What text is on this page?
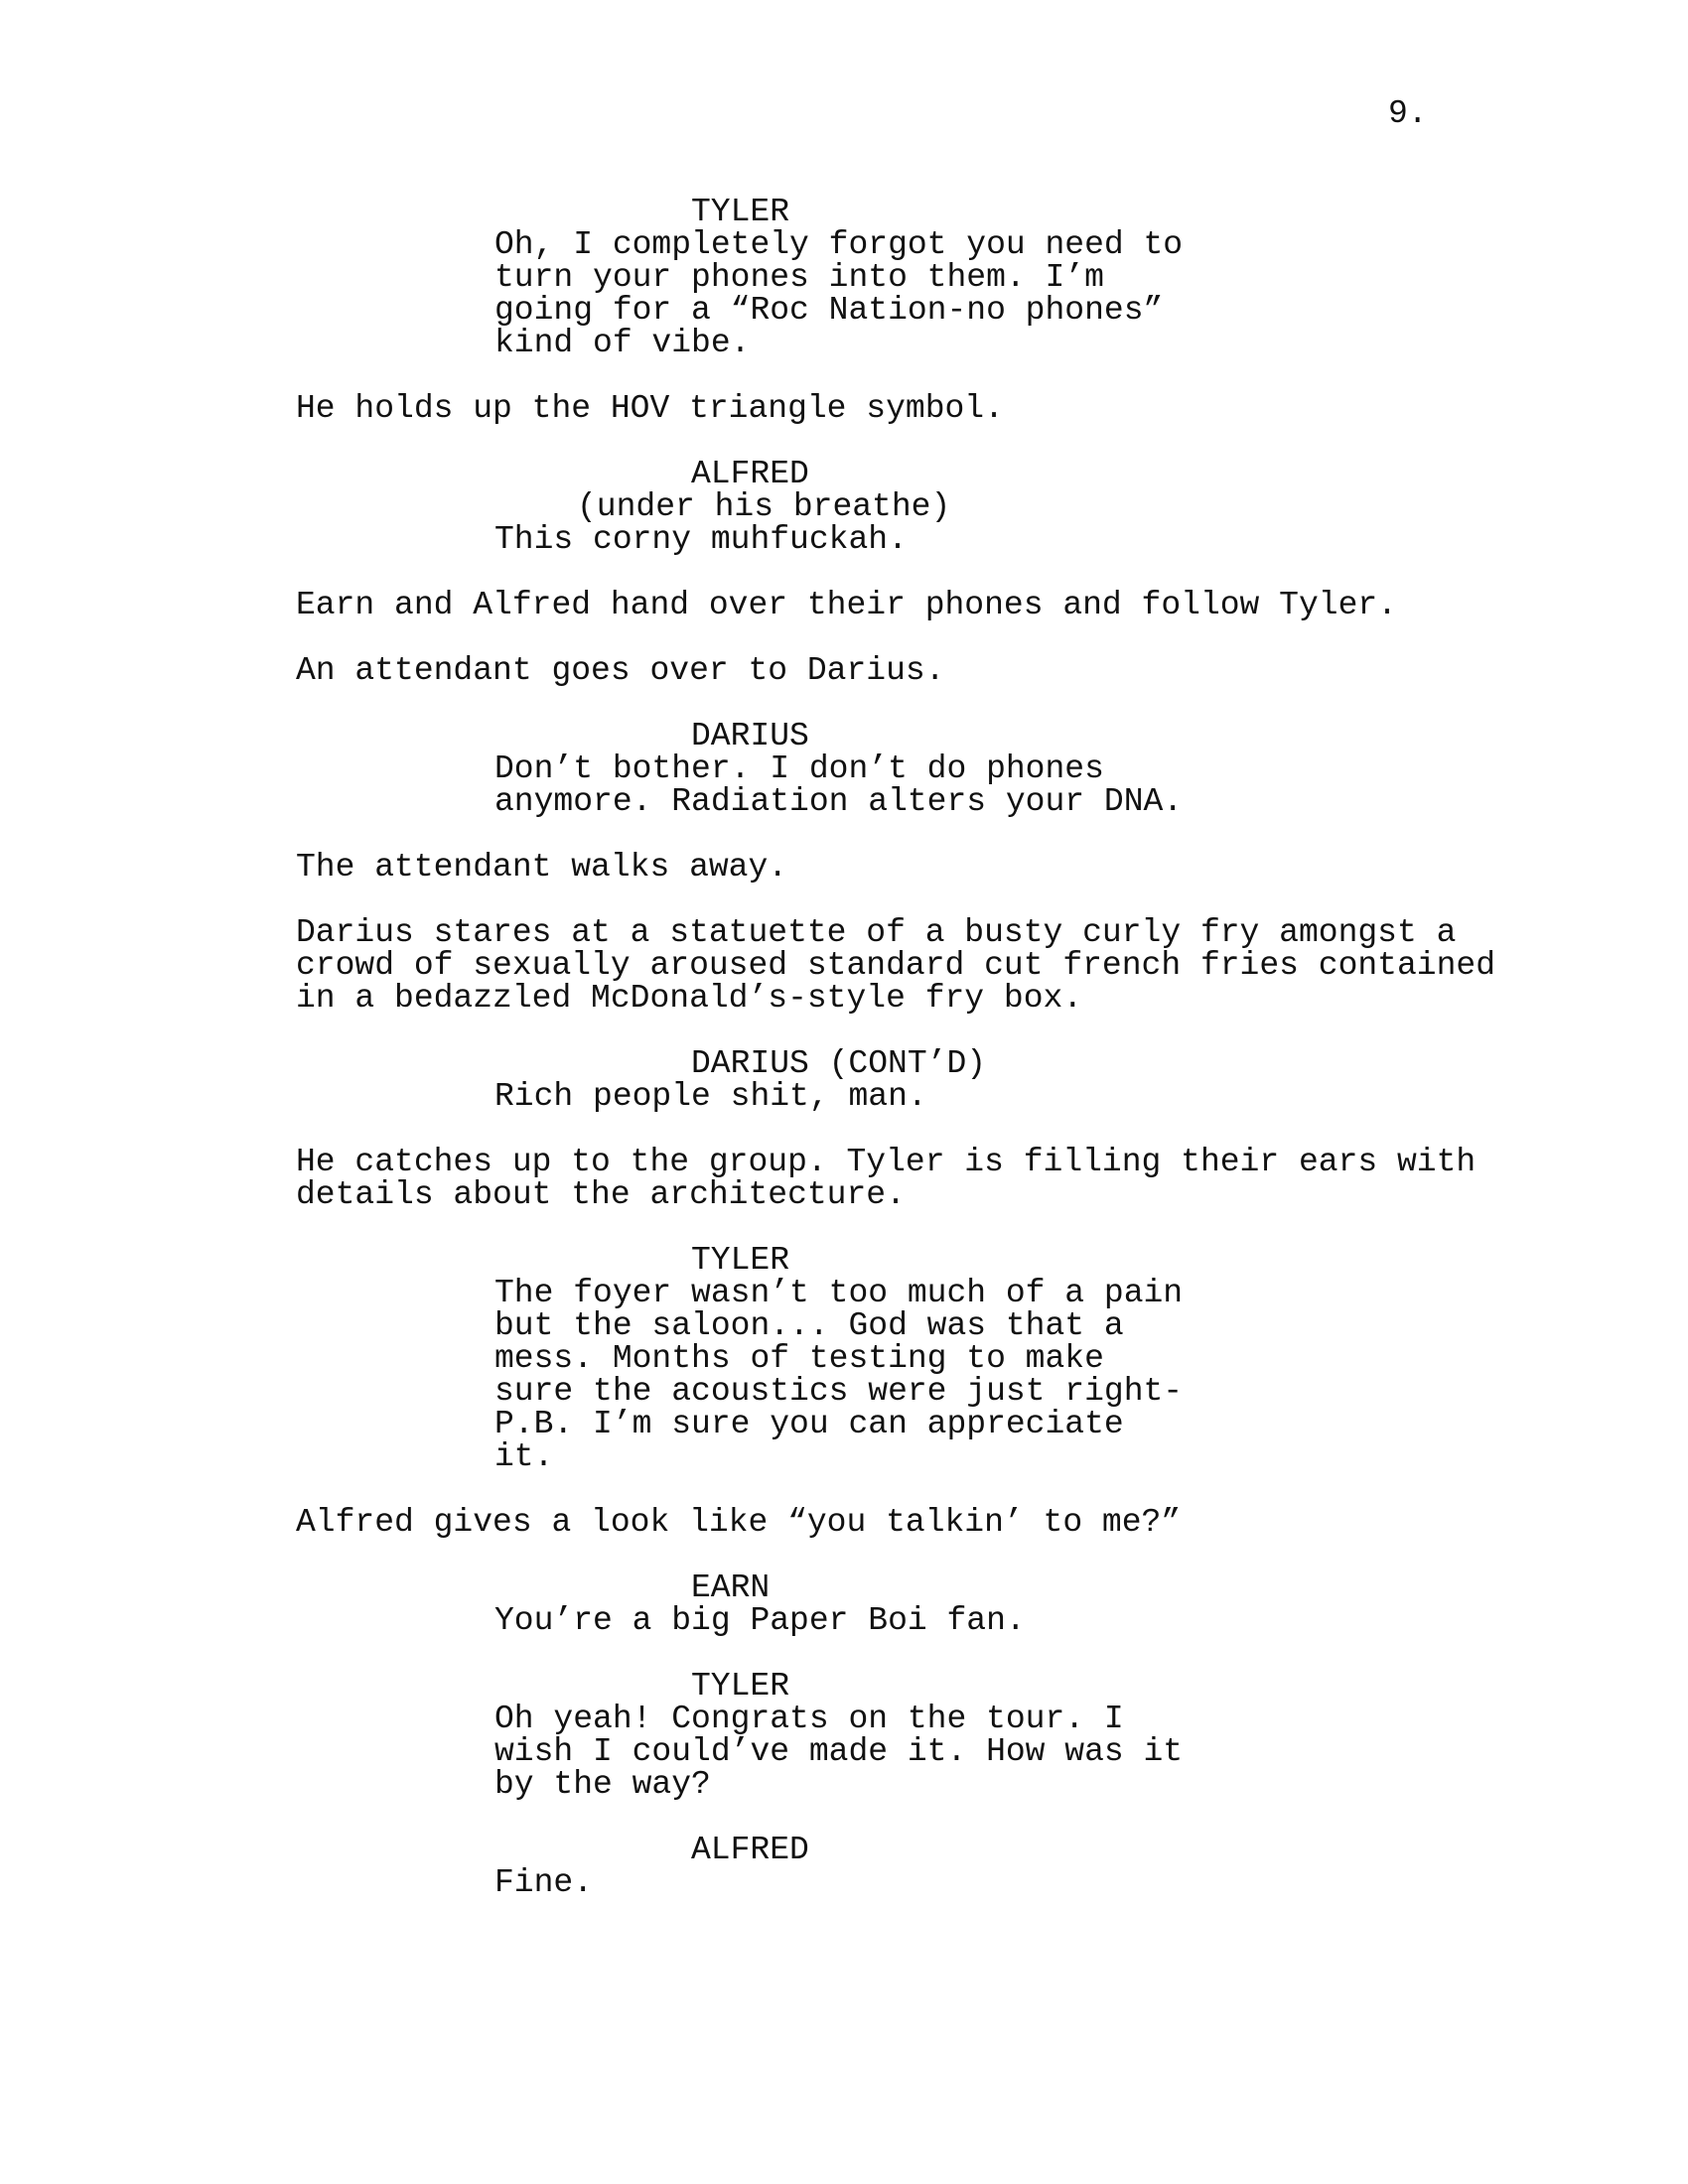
9.
TYLER
Oh, I completely forgot you need to
turn your phones into them. I’m
going for a “Roc Nation-no phones”
kind of vibe.
He holds up the HOV triangle symbol.
ALFRED
(under his breathe)
This corny muhfuckah.
Earn and Alfred hand over their phones and follow Tyler.
An attendant goes over to Darius.
DARIUS
Don’t bother. I don’t do phones
anymore. Radiation alters your DNA.
The attendant walks away.
Darius stares at a statuette of a busty curly fry amongst a
crowd of sexually aroused standard cut french fries contained
in a bedazzled McDonald’s-style fry box.
DARIUS (CONT’D)
Rich people shit, man.
He catches up to the group. Tyler is filling their ears with
details about the architecture.
TYLER
The foyer wasn’t too much of a pain
but the saloon... God was that a
mess. Months of testing to make
sure the acoustics were just right-
P.B. I’m sure you can appreciate
it.
Alfred gives a look like “you talkin’ to me?”
EARN
You’re a big Paper Boi fan.
TYLER
Oh yeah! Congrats on the tour. I
wish I could’ve made it. How was it
by the way?
ALFRED
Fine.
